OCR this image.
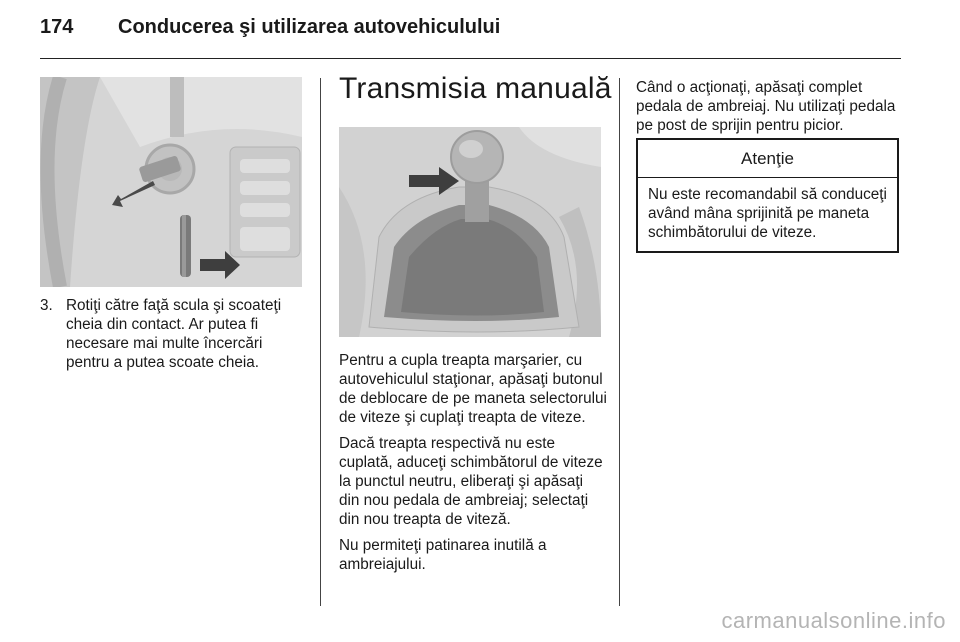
174 Conducerea şi utilizarea autovehiculului
3. Rotiţi către faţă scula şi scoateţi cheia din contact. Ar putea fi necesare mai multe încercări pentru a putea scoate cheia.
Transmisia manuală

Pentru a cupla treapta marşarier, cu autovehiculul staţionar, apăsaţi butonul de deblocare de pe maneta selectorului de viteze şi cuplaţi treapta de viteze.

Dacă treapta respectivă nu este cuplată, aduceţi schimbătorul de viteze la punctul neutru, eliberaţi şi apăsaţi din nou pedala de ambreiaj; selectaţi din nou treapta de viteză.

Nu permiteţi patinarea inutilă a ambreiajului.

Când o acţionaţi, apăsaţi complet pedala de ambreiaj. Nu utilizaţi pedala pe post de sprijin pentru picior.

Atenţie
Nu este recomandabil să conduceţi având mâna sprijinită pe maneta schimbătorului de viteze.
carmanualsonline.info
